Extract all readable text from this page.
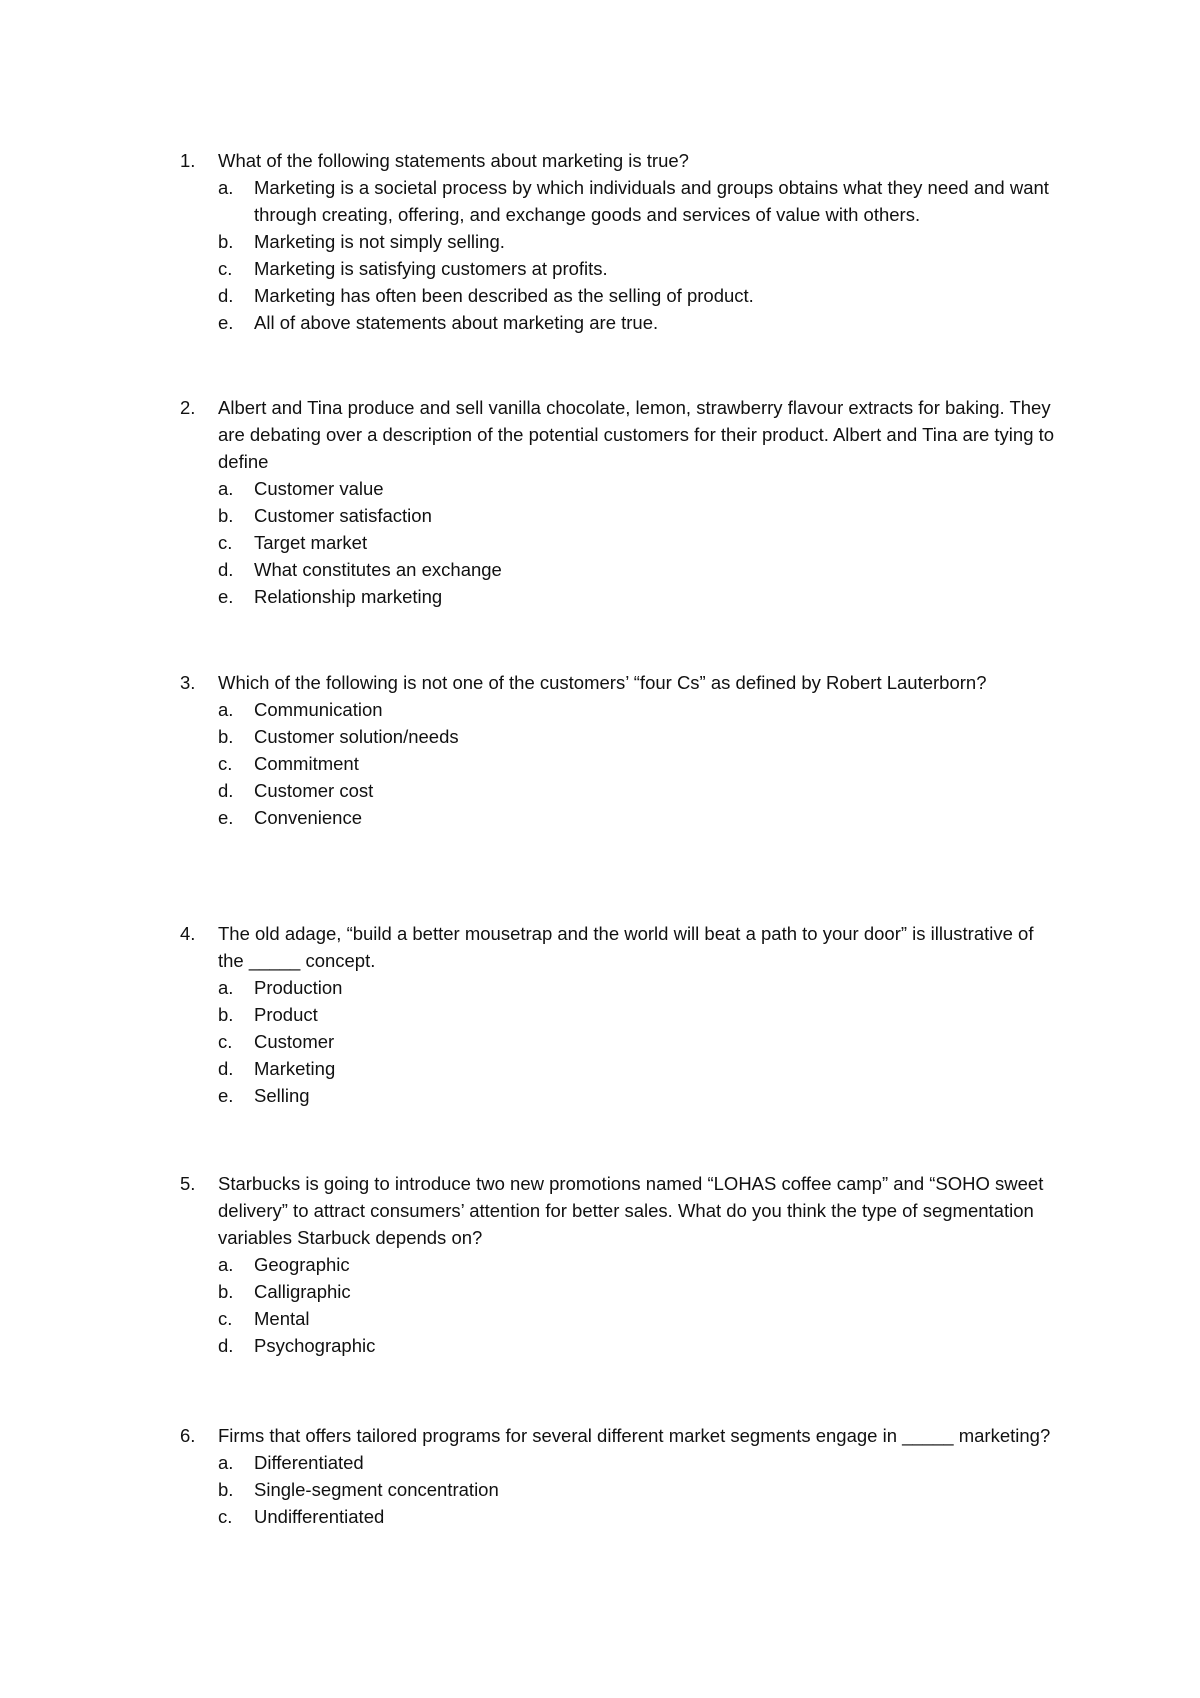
1.	What of the following statements about marketing is true?
a.	Marketing is a societal process by which individuals and groups obtains what they need and want through creating, offering, and exchange goods and services of value with others.
b.	Marketing is not simply selling.
c.	Marketing is satisfying customers at profits.
d.	Marketing has often been described as the selling of product.
e.	All of above statements about marketing are true.
2.	Albert and Tina produce and sell vanilla chocolate, lemon, strawberry flavour extracts for baking. They are debating over a description of the potential customers for their product. Albert and Tina are tying to define
a.	Customer value
b.	Customer satisfaction
c.	Target market
d.	What constitutes an exchange
e.	Relationship marketing
3.	Which of the following is not one of the customers’ “four Cs” as defined by Robert Lauterborn?
a.	Communication
b.	Customer solution/needs
c.	Commitment
d.	Customer cost
e.	Convenience
4.	The old adage, “build a better mousetrap and the world will beat a path to your door” is illustrative of the _____ concept.
a.	Production
b.	Product
c.	Customer
d.	Marketing
e.	Selling
5.	Starbucks is going to introduce two new promotions named “LOHAS coffee camp” and “SOHO sweet delivery” to attract consumers’ attention for better sales. What do you think the type of segmentation variables Starbuck depends on?
a.	Geographic
b.	Calligraphic
c.	Mental
d.	Psychographic
6.	Firms that offers tailored programs for several different market segments engage in _____ marketing?
a.	Differentiated
b.	Single-segment concentration
c.	Undifferentiated
